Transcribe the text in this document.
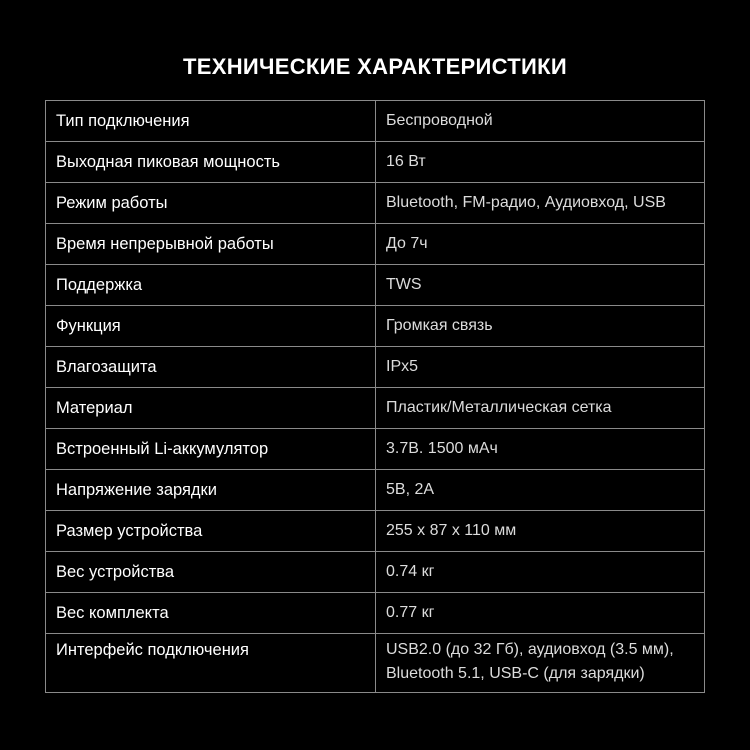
ТЕХНИЧЕСКИЕ ХАРАКТЕРИСТИКИ
Тип подключения	Беспроводной
Выходная пиковая мощность	16 Вт
Режим работы	Bluetooth, FM-радио, Аудиовход, USB
Время непрерывной работы	До 7ч
Поддержка	TWS
Функция	Громкая связь
Влагозащита	IPx5
Материал	Пластик/Металлическая сетка
Встроенный Li-аккумулятор	3.7В. 1500 мАч
Напряжение зарядки	5В, 2А
Размер устройства	255 х 87 х 110 мм
Вес устройства	0.74 кг
Вес комплекта	0.77 кг
Интерфейс подключения	USB2.0 (до 32 Гб), аудиовход (3.5 мм),
Bluetooth 5.1, USB-C (для зарядки)
